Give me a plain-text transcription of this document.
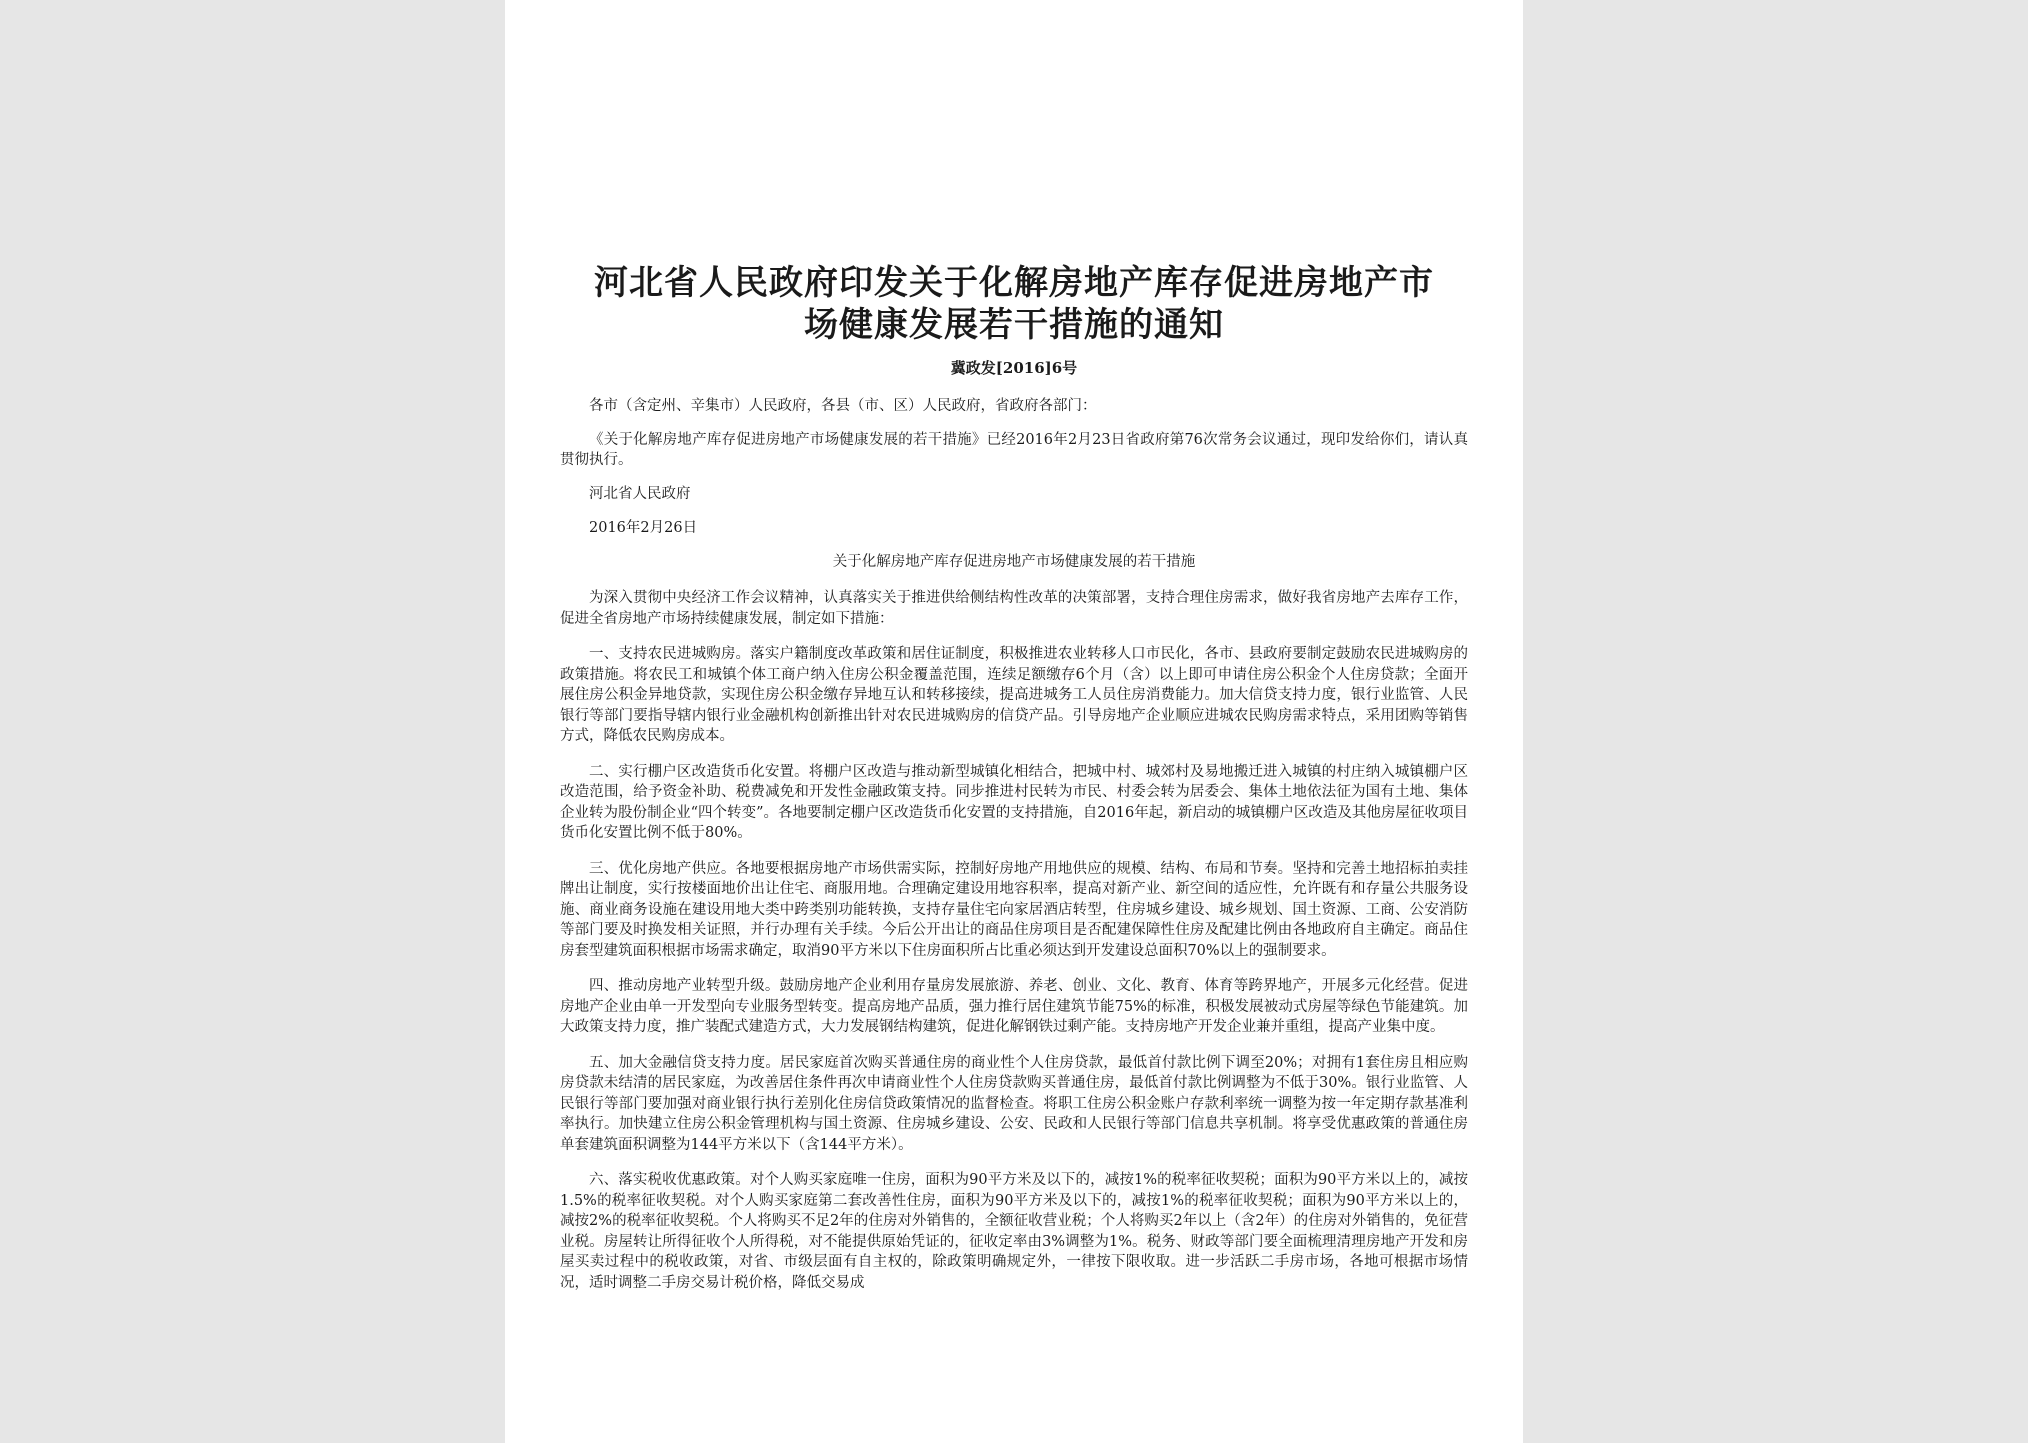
河北省人民政府印发关于化解房地产库存促进房地产市
场健康发展若干措施的通知
冀政发[2016]6号

各市（含定州、辛集市）人民政府，各县（市、区）人民政府，省政府各部门：

《关于化解房地产库存促进房地产市场健康发展的若干措施》已经2016年2月23日省政府第76次常务会议通过，现印发给你们，请认真贯彻执行。

河北省人民政府

2016年2月26日

关于化解房地产库存促进房地产市场健康发展的若干措施

为深入贯彻中央经济工作会议精神，认真落实关于推进供给侧结构性改革的决策部署，支持合理住房需求，做好我省房地产去库存工作，促进全省房地产市场持续健康发展，制定如下措施：

一、支持农民进城购房。落实户籍制度改革政策和居住证制度，积极推进农业转移人口市民化，各市、县政府要制定鼓励农民进城购房的政策措施。将农民工和城镇个体工商户纳入住房公积金覆盖范围，连续足额缴存6个月（含）以上即可申请住房公积金个人住房贷款；全面开展住房公积金异地贷款，实现住房公积金缴存异地互认和转移接续，提高进城务工人员住房消费能力。加大信贷支持力度，银行业监管、人民银行等部门要指导辖内银行业金融机构创新推出针对农民进城购房的信贷产品。引导房地产企业顺应进城农民购房需求特点，采用团购等销售方式，降低农民购房成本。

二、实行棚户区改造货币化安置。将棚户区改造与推动新型城镇化相结合，把城中村、城郊村及易地搬迁进入城镇的村庄纳入城镇棚户区改造范围，给予资金补助、税费减免和开发性金融政策支持。同步推进村民转为市民、村委会转为居委会、集体土地依法征为国有土地、集体企业转为股份制企业“四个转变”。各地要制定棚户区改造货币化安置的支持措施，自2016年起，新启动的城镇棚户区改造及其他房屋征收项目货币化安置比例不低于80%。

三、优化房地产供应。各地要根据房地产市场供需实际，控制好房地产用地供应的规模、结构、布局和节奏。坚持和完善土地招标拍卖挂牌出让制度，实行按楼面地价出让住宅、商服用地。合理确定建设用地容积率，提高对新产业、新空间的适应性，允许既有和存量公共服务设施、商业商务设施在建设用地大类中跨类别功能转换，支持存量住宅向家居酒店转型，住房城乡建设、城乡规划、国土资源、工商、公安消防等部门要及时换发相关证照，并行办理有关手续。今后公开出让的商品住房项目是否配建保障性住房及配建比例由各地政府自主确定。商品住房套型建筑面积根据市场需求确定，取消90平方米以下住房面积所占比重必须达到开发建设总面积70%以上的强制要求。

四、推动房地产业转型升级。鼓励房地产企业利用存量房发展旅游、养老、创业、文化、教育、体育等跨界地产，开展多元化经营。促进房地产企业由单一开发型向专业服务型转变。提高房地产品质，强力推行居住建筑节能75%的标准，积极发展被动式房屋等绿色节能建筑。加大政策支持力度，推广装配式建造方式，大力发展钢结构建筑，促进化解钢铁过剩产能。支持房地产开发企业兼并重组，提高产业集中度。

五、加大金融信贷支持力度。居民家庭首次购买普通住房的商业性个人住房贷款，最低首付款比例下调至20%；对拥有1套住房且相应购房贷款未结清的居民家庭，为改善居住条件再次申请商业性个人住房贷款购买普通住房，最低首付款比例调整为不低于30%。银行业监管、人民银行等部门要加强对商业银行执行差别化住房信贷政策情况的监督检查。将职工住房公积金账户存款利率统一调整为按一年定期存款基准利率执行。加快建立住房公积金管理机构与国土资源、住房城乡建设、公安、民政和人民银行等部门信息共享机制。将享受优惠政策的普通住房单套建筑面积调整为144平方米以下（含144平方米）。

六、落实税收优惠政策。对个人购买家庭唯一住房，面积为90平方米及以下的，减按1%的税率征收契税；面积为90平方米以上的，减按1.5%的税率征收契税。对个人购买家庭第二套改善性住房，面积为90平方米及以下的，减按1%的税率征收契税；面积为90平方米以上的，减按2%的税率征收契税。个人将购买不足2年的住房对外销售的，全额征收营业税；个人将购买2年以上（含2年）的住房对外销售的，免征营业税。房屋转让所得征收个人所得税，对不能提供原始凭证的，征收定率由3%调整为1%。税务、财政等部门要全面梳理清理房地产开发和房屋买卖过程中的税收政策，对省、市级层面有自主权的，除政策明确规定外，一律按下限收取。进一步活跃二手房市场，各地可根据市场情况，适时调整二手房交易计税价格，降低交易成
